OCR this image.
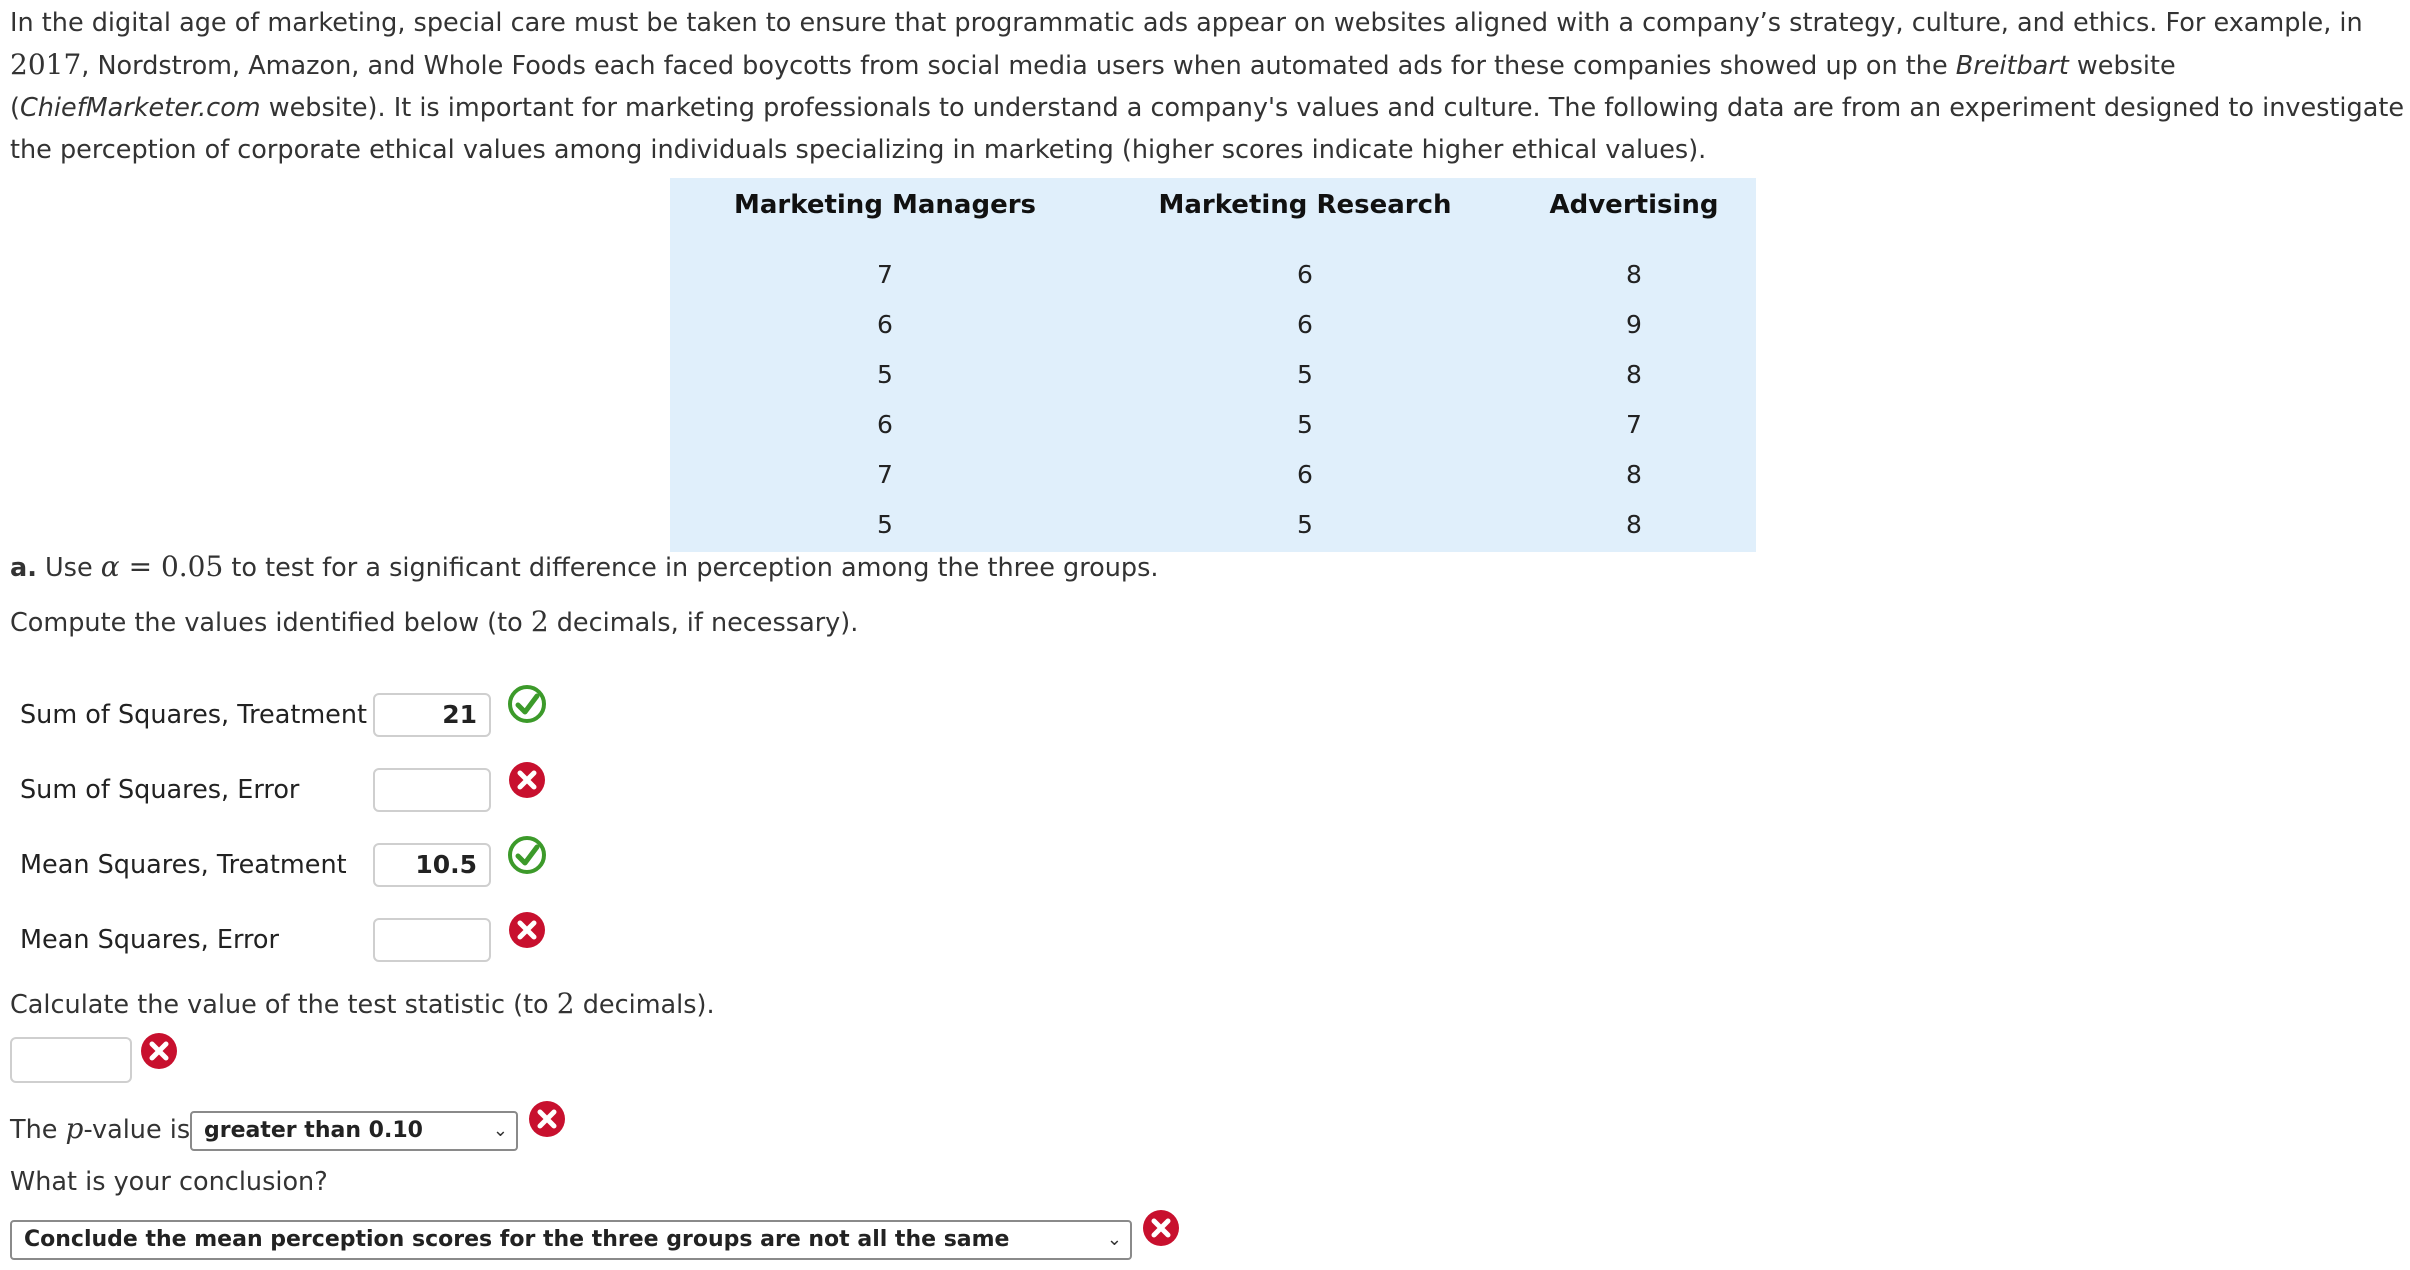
In the digital age of marketing, special care must be taken to ensure that programmatic ads appear on websites aligned with a company’s strategy, culture, and ethics. For example, in 2017, Nordstrom, Amazon, and Whole Foods each faced boycotts from social media users when automated ads for these companies showed up on the Breitbart website (ChiefMarketer.com website). It is important for marketing professionals to understand a company's values and culture. The following data are from an experiment designed to investigate the perception of corporate ethical values among individuals specializing in marketing (higher scores indicate higher ethical values).

Marketing Managers	Marketing Research	Advertising
7	6	8
6	6	9
5	5	8
6	5	7
7	6	8
5	5	8
a. Use α = 0.05 to test for a significant difference in perception among the three groups.
Compute the values identified below (to 2 decimals, if necessary).
Sum of Squares, Treatment	21
Sum of Squares, Error
Mean Squares, Treatment	10.5
Mean Squares, Error
Calculate the value of the test statistic (to 2 decimals).
The p-value is greater than 0.10	⌄
What is your conclusion?
Conclude the mean perception scores for the three groups are not all the same	⌄
